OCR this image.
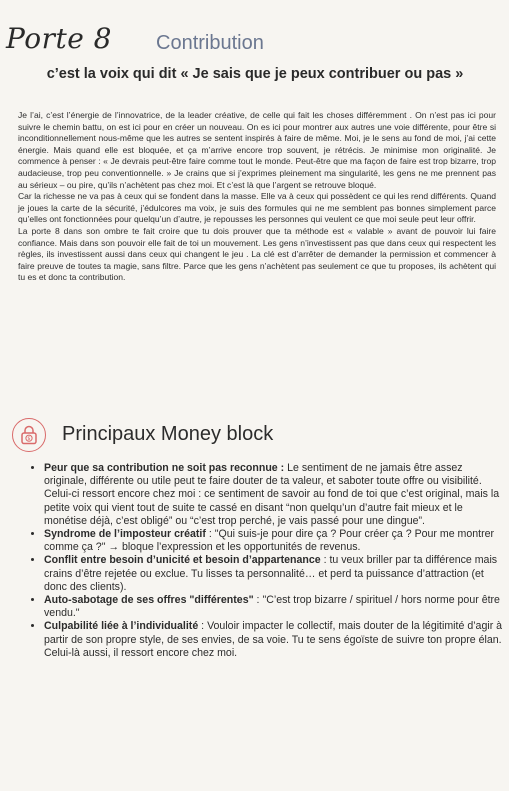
Porte 8 Contribution
c’est la voix qui dit « Je sais que je peux contribuer ou pas »

Je l’ai, c’est l’énergie de l’innovatrice, de la leader créative, de celle qui fait les choses différemment . On n’est pas ici pour suivre le chemin battu, on est ici pour en créer un nouveau. On es ici pour montrer aux autres une voie différente, pour être si inconditionnellement nous-même que les autres se sentent inspirés à faire de même. Moi, je le sens au fond de moi, j’ai cette énergie. Mais quand elle est bloquée, et ça m’arrive encore trop souvent, je rétrécis. Je minimise mon originalité. Je commence à penser : « Je devrais peut-être faire comme tout le monde. Peut-être que ma façon de faire est trop bizarre, trop audacieuse, trop peu conventionnelle. » Je crains que si j’exprimes pleinement ma singularité, les gens ne me prennent pas au sérieux – ou pire, qu’ils n’achètent pas chez moi. Et c’est là que l’argent se retrouve bloqué.

Car la richesse ne va pas à ceux qui se fondent dans la masse. Elle va à ceux qui possèdent ce qui les rend différents. Quand je joues la carte de la sécurité, j’édulcores ma voix, je suis des formules qui ne me semblent pas bonnes simplement parce qu’elles ont fonctionnées pour quelqu’un d’autre, je repousses les personnes qui veulent ce que moi seule peut leur offrir.

La porte 8 dans son ombre te fait croire que tu dois prouver que ta méthode est « valable » avant de pouvoir lui faire confiance. Mais dans son pouvoir elle fait de toi un mouvement. Les gens n’investissent pas que dans ceux qui respectent les règles, ils investissent aussi dans ceux qui changent le jeu . La clé est d’arrêter de demander la permission et commencer à faire preuve de toutes ta magie, sans filtre. Parce que les gens n’achètent pas seulement ce que tu proposes, ils achètent qui tu es et donc ta contribution.

$ Principaux Money block
• Peur que sa contribution ne soit pas reconnue : Le sentiment de ne jamais être assez originale, différente ou utile peut te faire douter de ta valeur, et saboter toute offre ou visibilité. Celui-ci ressort encore chez moi : ce sentiment de savoir au fond de toi que c’est original, mais la petite voix qui vient tout de suite te cassé en disant “non quelqu’un d’autre fait mieux et le monétise déjà, c’est obligé” ou “c’est trop perché, je vais passé pour une dingue”.
• Syndrome de l’imposteur créatif : "Qui suis-je pour dire ça ? Pour créer ça ? Pour me montrer comme ça ?" → bloque l’expression et les opportunités de revenus.
• Conflit entre besoin d’unicité et besoin d’appartenance : tu veux briller par ta différence mais crains d’être rejetée ou exclue. Tu lisses ta personnalité… et perd ta puissance d’attraction (et donc des clients).
• Auto-sabotage de ses offres "différentes" : "C’est trop bizarre / spirituel / hors norme pour être vendu."
• Culpabilité liée à l’individualité : Vouloir impacter le collectif, mais douter de la légitimité d’agir à partir de son propre style, de ses envies, de sa voie. Tu te sens égoïste de suivre ton propre élan. Celui-là aussi, il ressort encore chez moi.
